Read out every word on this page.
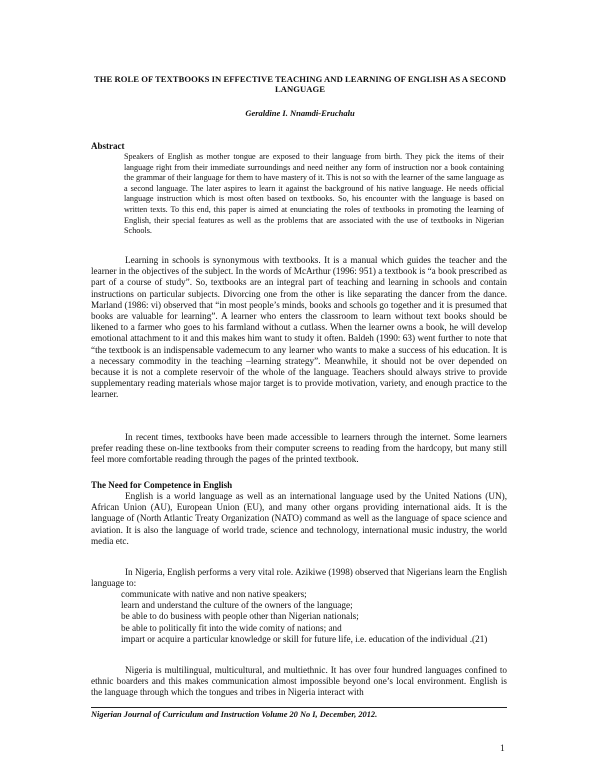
THE ROLE OF TEXTBOOKS IN EFFECTIVE TEACHING AND LEARNING OF ENGLISH AS A SECOND LANGUAGE
Geraldine I. Nnamdi-Eruchalu
Abstract
Speakers of English as mother tongue are exposed to their language from birth. They pick the items of their language right from their immediate surroundings and need neither any form of instruction nor a book containing the grammar of their language for them to have mastery of it. This is not so with the learner of the same language as a second language. The later aspires to learn it against the background of his native language. He needs official language instruction which is most often based on textbooks. So, his encounter with the language is based on written texts. To this end, this paper is aimed at enunciating the roles of textbooks in promoting the learning of English, their special features as well as the problems that are associated with the use of textbooks in Nigerian Schools.
Learning in schools is synonymous with textbooks. It is a manual which guides the teacher and the learner in the objectives of the subject. In the words of McArthur (1996: 951) a textbook is “a book prescribed as part of a course of study”. So, textbooks are an integral part of teaching and learning in schools and contain instructions on particular subjects. Divorcing one from the other is like separating the dancer from the dance. Marland (1986: vi) observed that “in most people’s minds, books and schools go together and it is presumed that books are valuable for learning”. A learner who enters the classroom to learn without text books should be likened to a farmer who goes to his farmland without a cutlass. When the learner owns a book, he will develop emotional attachment to it and this makes him want to study it often. Baldeh (1990: 63) went further to note that “the textbook is an indispensable vademecum to any learner who wants to make a success of his education. It is a necessary commodity in the teaching –learning strategy”. Meanwhile, it should not be over depended on because it is not a complete reservoir of the whole of the language. Teachers should always strive to provide supplementary reading materials whose major target is to provide motivation, variety, and enough practice to the learner.
In recent times, textbooks have been made accessible to learners through the internet. Some learners prefer reading these on-line textbooks from their computer screens to reading from the hardcopy, but many still feel more comfortable reading through the pages of the printed textbook.
The Need for Competence in English
English is a world language as well as an international language used by the United Nations (UN), African Union (AU), European Union (EU), and many other organs providing international aids. It is the language of (North Atlantic Treaty Organization (NATO) command as well as the language of space science and aviation. It is also the language of world trade, science and technology, international music industry, the world media etc.
In Nigeria, English performs a very vital role. Azikiwe (1998) observed that Nigerians learn the English language to:
communicate with native and non native speakers;
learn and understand the culture of the owners of the language;
be able to do business with people other than Nigerian nationals;
be able to politically fit into the wide comity of nations; and
impart or acquire a particular knowledge or skill for future life, i.e. education of the individual .(21)
Nigeria is multilingual, multicultural, and multiethnic. It has over four hundred languages confined to ethnic boarders and this makes communication almost impossible beyond one’s local environment. English is the language through which the tongues and tribes in Nigeria interact with
Nigerian Journal of Curriculum and Instruction Volume 20 No I, December, 2012.
1
